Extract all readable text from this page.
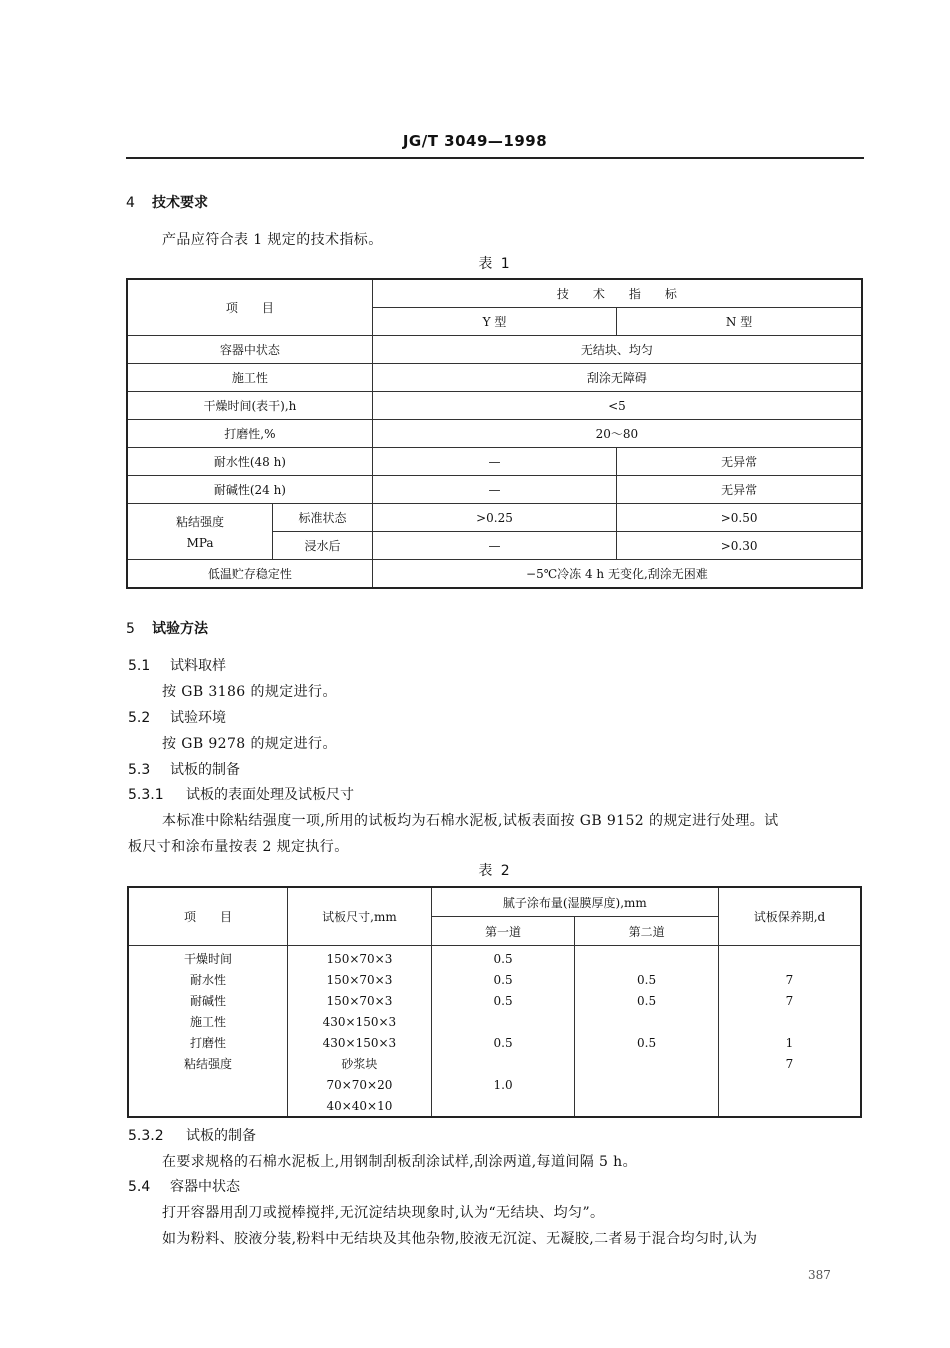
JG/T 3049—1998
4 技术要求
产品应符合表 1 规定的技术指标。
表 1
项　　目		技　　术　　指　　标	
		Y 型	N 型
容器中状态		无结块、均匀	
施工性		刮涂无障碍	
干燥时间(表干),h		<5	
打磨性,%		20～80	
耐水性(48 h)		—	无异常
耐碱性(24 h)		—	无异常

粘结强度
MPa	标准状态	>0.25	>0.50
	浸水后	—	>0.30
低温贮存稳定性		−5℃冷冻 4 h 无变化,刮涂无困难	
5 试验方法
5.1 试料取样
按 GB 3186 的规定进行。
5.2 试验环境
按 GB 9278 的规定进行。
5.3 试板的制备
5.3.1 试板的表面处理及试板尺寸
本标准中除粘结强度一项,所用的试板均为石棉水泥板,试板表面按 GB 9152 的规定进行处理。试
板尺寸和涂布量按表 2 规定执行。
表 2
项　　目	试板尺寸,mm	腻子涂布量(湿膜厚度),mm		试板保养期,d
		第一道	第二道	
干燥时间	150×70×3	0.5		
耐水性	150×70×3	0.5	0.5	7
耐碱性	150×70×3	0.5	0.5	7
施工性	430×150×3			
打磨性	430×150×3	0.5	0.5	1
粘结强度	砂浆块			7
	70×70×20	1.0		
	40×40×10			
5.3.2 试板的制备
在要求规格的石棉水泥板上,用钢制刮板刮涂试样,刮涂两道,每道间隔 5 h。
5.4 容器中状态
打开容器用刮刀或搅棒搅拌,无沉淀结块现象时,认为“无结块、均匀”。
如为粉料、胶液分装,粉料中无结块及其他杂物,胶液无沉淀、无凝胶,二者易于混合均匀时,认为
387
